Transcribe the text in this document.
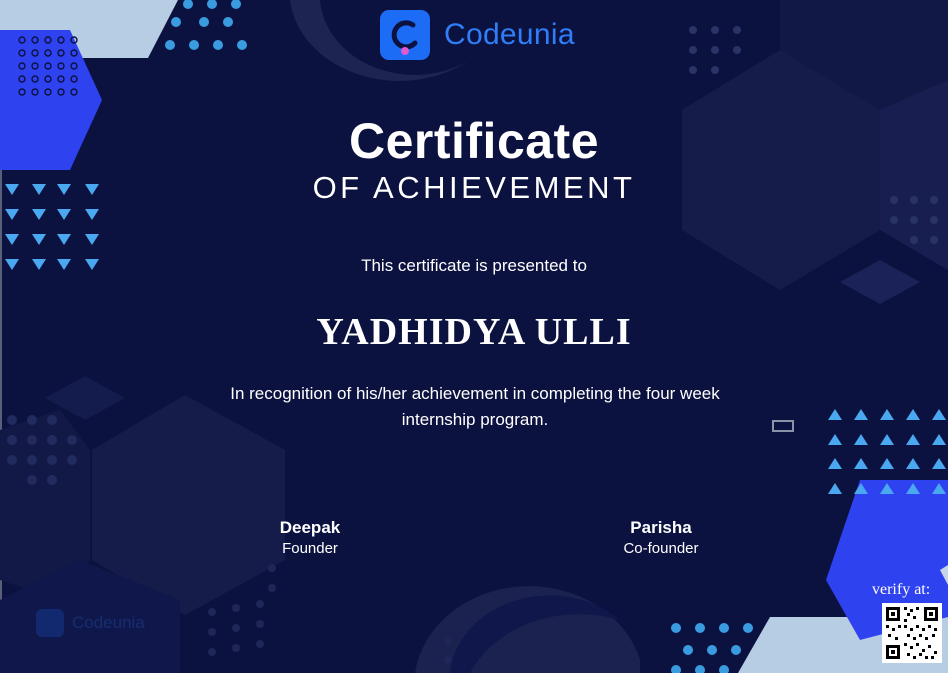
Codeunia
Certificate
OF ACHIEVEMENT
This certificate is presented to
YADHIDYA ULLI
In recognition of his/her achievement in completing the four week
internship program.
Deepak
Founder
Parisha
Co-founder
Codeunia
verify at:
